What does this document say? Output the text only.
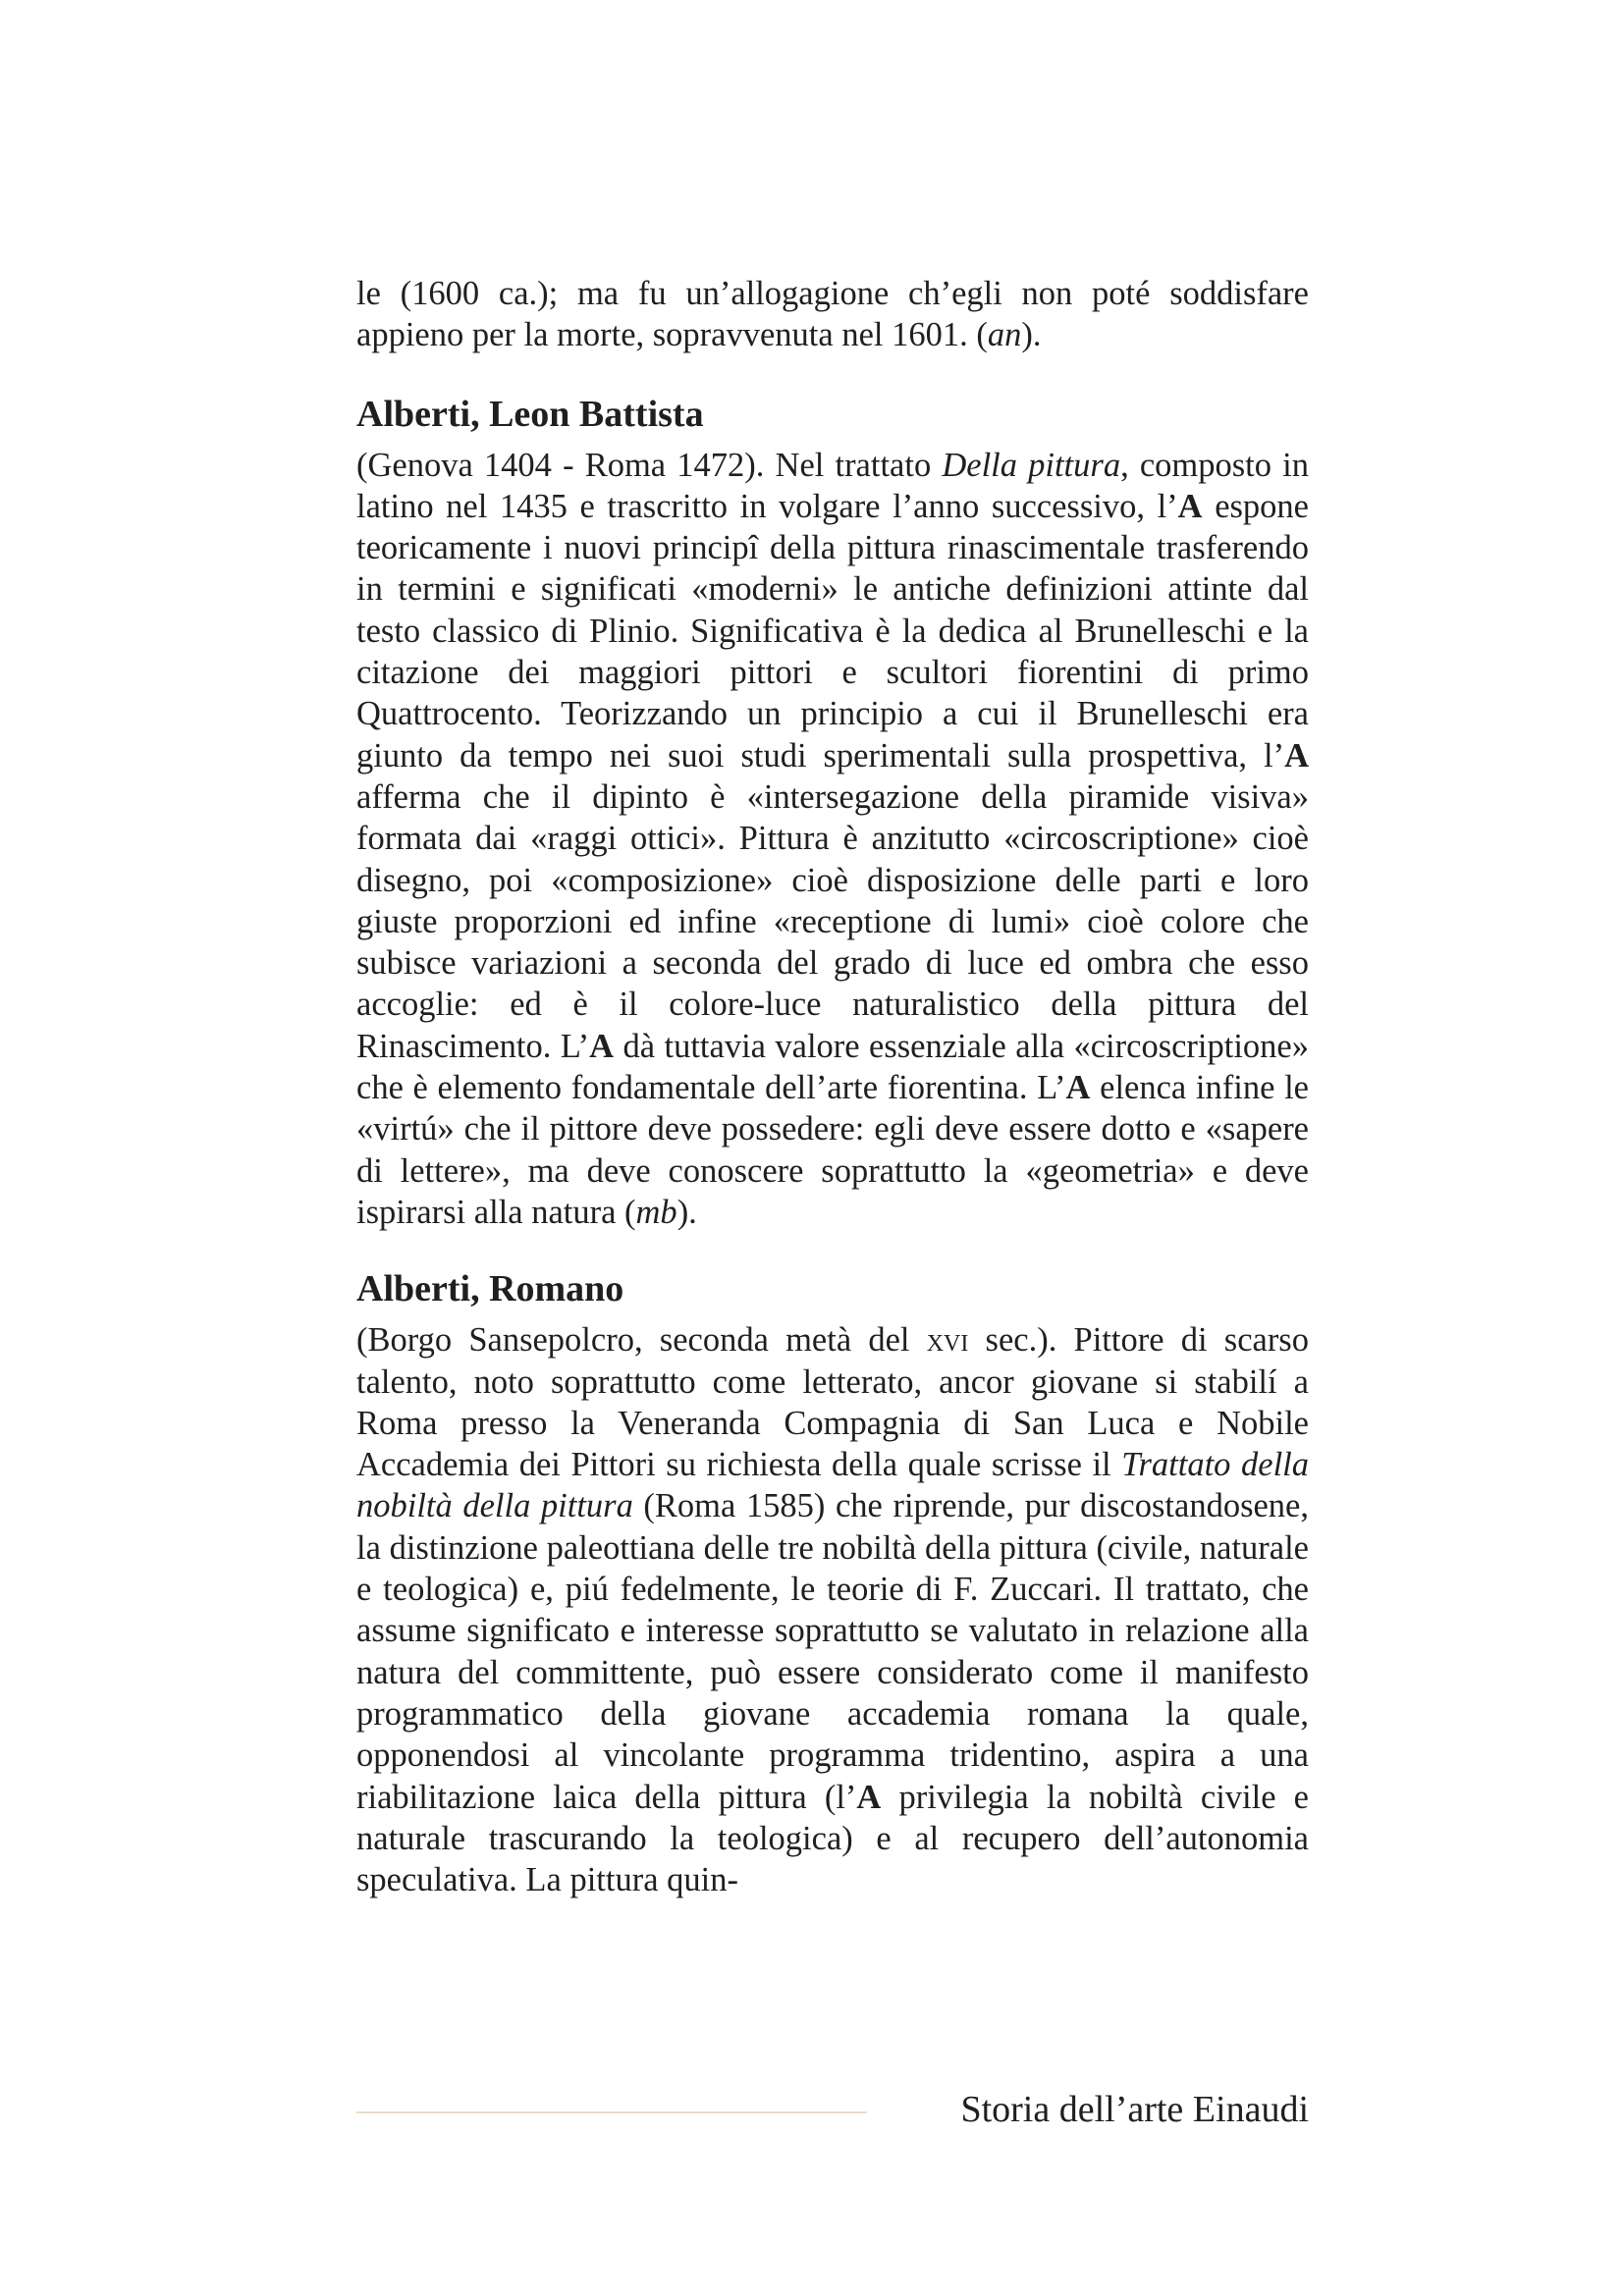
le (1600 ca.); ma fu un’allogagione ch’egli non poté soddisfare appieno per la morte, sopravvenuta nel 1601. (an).

Alberti, Leon Battista

(Genova 1404 - Roma 1472). Nel trattato Della pittura, composto in latino nel 1435 e trascritto in volgare l’anno successivo, l’A espone teoricamente i nuovi principî della pittura rinascimentale trasferendo in termini e significati «moderni» le antiche definizioni attinte dal testo classico di Plinio. Significativa è la dedica al Brunelleschi e la citazione dei maggiori pittori e scultori fiorentini di primo Quattrocento. Teorizzando un principio a cui il Brunelleschi era giunto da tempo nei suoi studi sperimentali sulla prospettiva, l’A afferma che il dipinto è «intersegazione della piramide visiva» formata dai «raggi ottici». Pittura è anzitutto «circoscriptione» cioè disegno, poi «composizione» cioè disposizione delle parti e loro giuste proporzioni ed infine «receptione di lumi» cioè colore che subisce variazioni a seconda del grado di luce ed ombra che esso accoglie: ed è il colore-luce naturalistico della pittura del Rinascimento. L’A dà tuttavia valore essenziale alla «circoscriptione» che è elemento fondamentale dell’arte fiorentina. L’A elenca infine le «virtú» che il pittore deve possedere: egli deve essere dotto e «sapere di lettere», ma deve conoscere soprattutto la «geometria» e deve ispirarsi alla natura (mb).

Alberti, Romano

(Borgo Sansepolcro, seconda metà del xvi sec.). Pittore di scarso talento, noto soprattutto come letterato, ancor giovane si stabilí a Roma presso la Veneranda Compagnia di San Luca e Nobile Accademia dei Pittori su richiesta della quale scrisse il Trattato della nobiltà della pittura (Roma 1585) che riprende, pur discostandosene, la distinzione paleottiana delle tre nobiltà della pittura (civile, naturale e teologica) e, piú fedelmente, le teorie di F. Zuccari. Il trattato, che assume significato e interesse soprattutto se valutato in relazione alla natura del committente, può essere considerato come il manifesto programmatico della giovane accademia romana la quale, opponendosi al vincolante programma tridentino, aspira a una riabilitazione laica della pittura (l’A privilegia la nobiltà civile e naturale trascurando la teologica) e al recupero dell’autonomia speculativa. La pittura quin-

Storia dell’arte Einaudi
